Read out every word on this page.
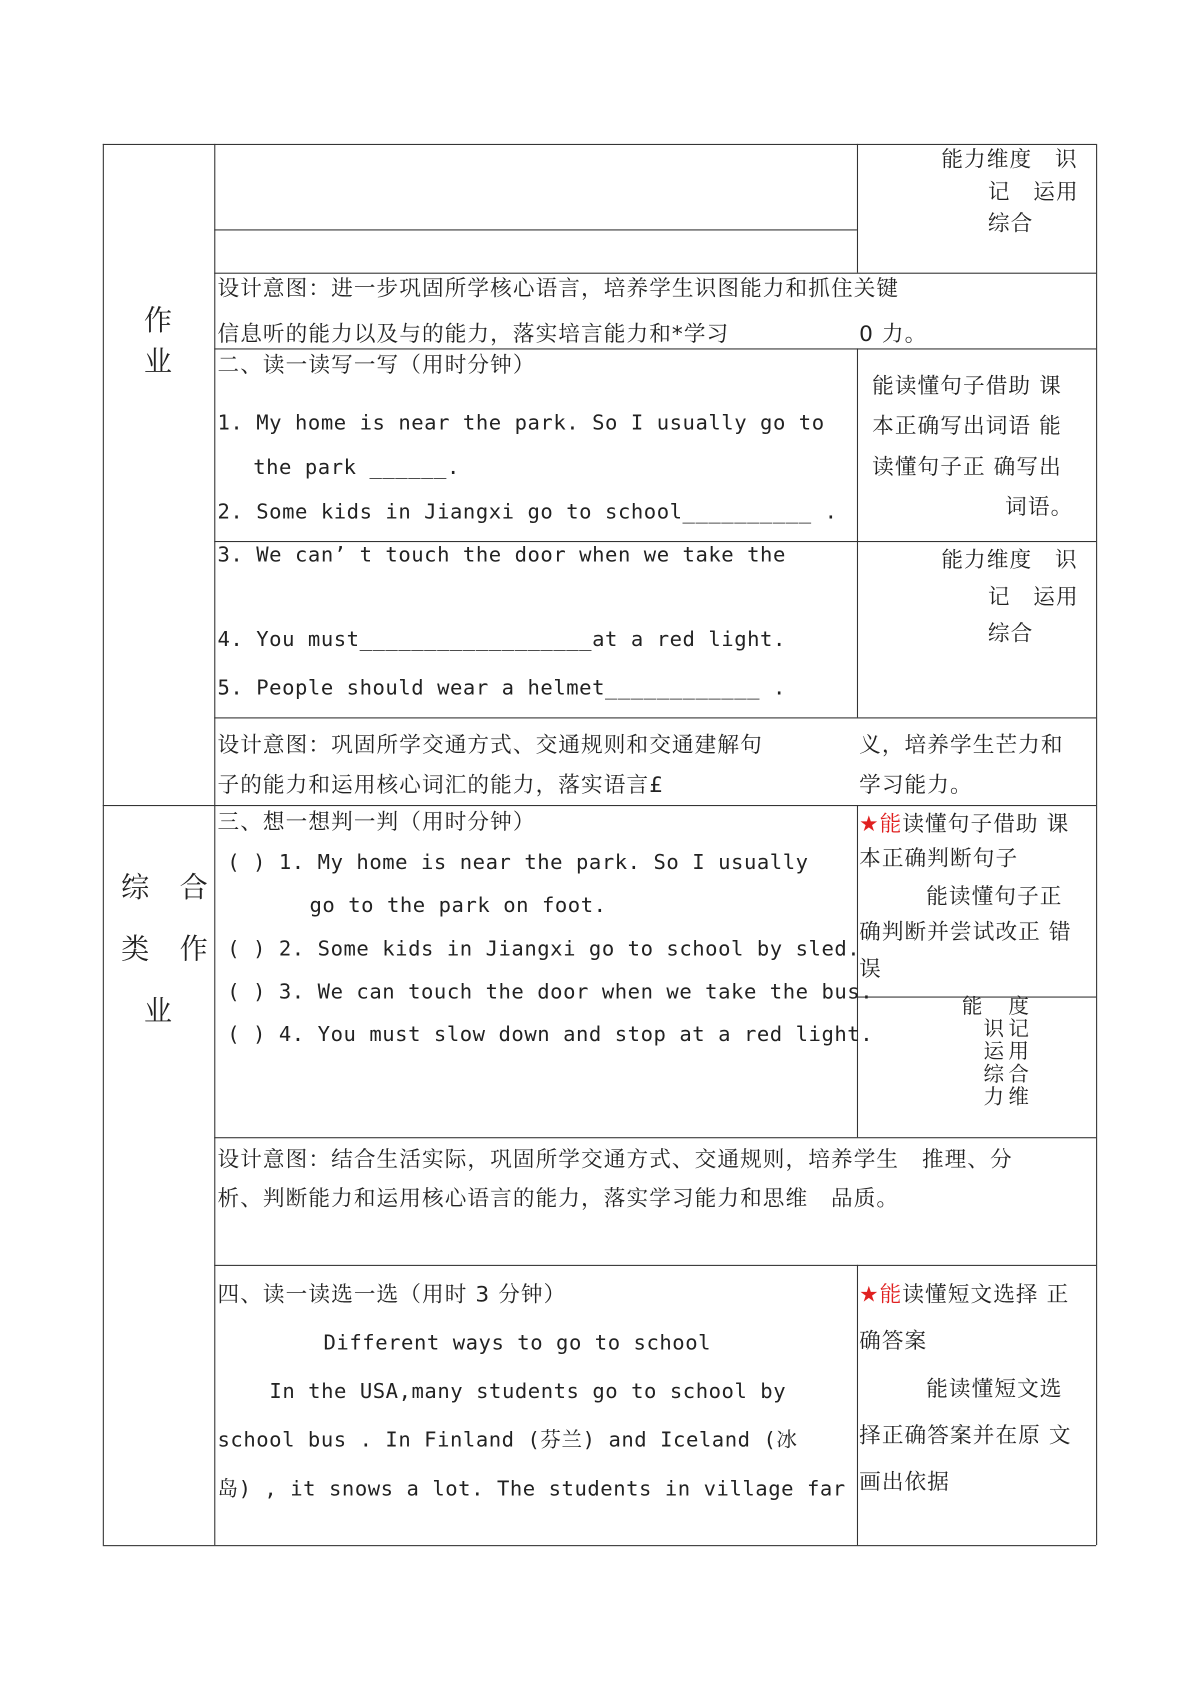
作
业
能力维度　识
记　运用
综合
设计意图：进一步巩固所学核心语言，培养学生识图能力和抓住关键
信息听的能力以及与的能力，落实培言能力和*学习	0 力。
二、读一读写一写（用时分钟）
1. My home is near the park. So I usually go to
the park ______.
2. Some kids in Jiangxi go to school__________ .
3. We can’ t touch the door when we take the
4. You must__________________at a red light.
5. People should wear a helmet____________ .
能读懂句子借助 课
本正确写出词语 能
读懂句子正 确写出
词语。
能力维度　识
记　运用
综合
设计意图：巩固所学交通方式、交通规则和交通建解句
子的能力和运用核心词汇的能力，落实语言£
义，培养学生芒力和
学习能力。
综　合
类　作
业
三、想一想判一判（用时分钟）
( ) 1. My home is near the park. So I usually
go to the park on foot.
( ) 2. Some kids in Jiangxi go to school by sled.
( ) 3. We can touch the door when we take the bus.
( ) 4. You must slow down and stop at a red light.
★能读懂句子借助 课
本正确判断句子
能读懂句子正
确判断并尝试改正 错
误
能
识运综 力
度记用合 维
设计意图：结合生活实际，巩固所学交通方式、交通规则，培养学生　推理、分
析、判断能力和运用核心语言的能力，落实学习能力和思维　品质。
四、读一读选一选（用时 3 分钟）
Different ways to go to school
In the USA,many students go to school by
school bus . In Finland (芬兰) and Iceland (冰
岛) , it snows a lot. The students in village far
★能读懂短文选择 正
确答案
能读懂短文选
择正确答案并在原 文
画出依据
